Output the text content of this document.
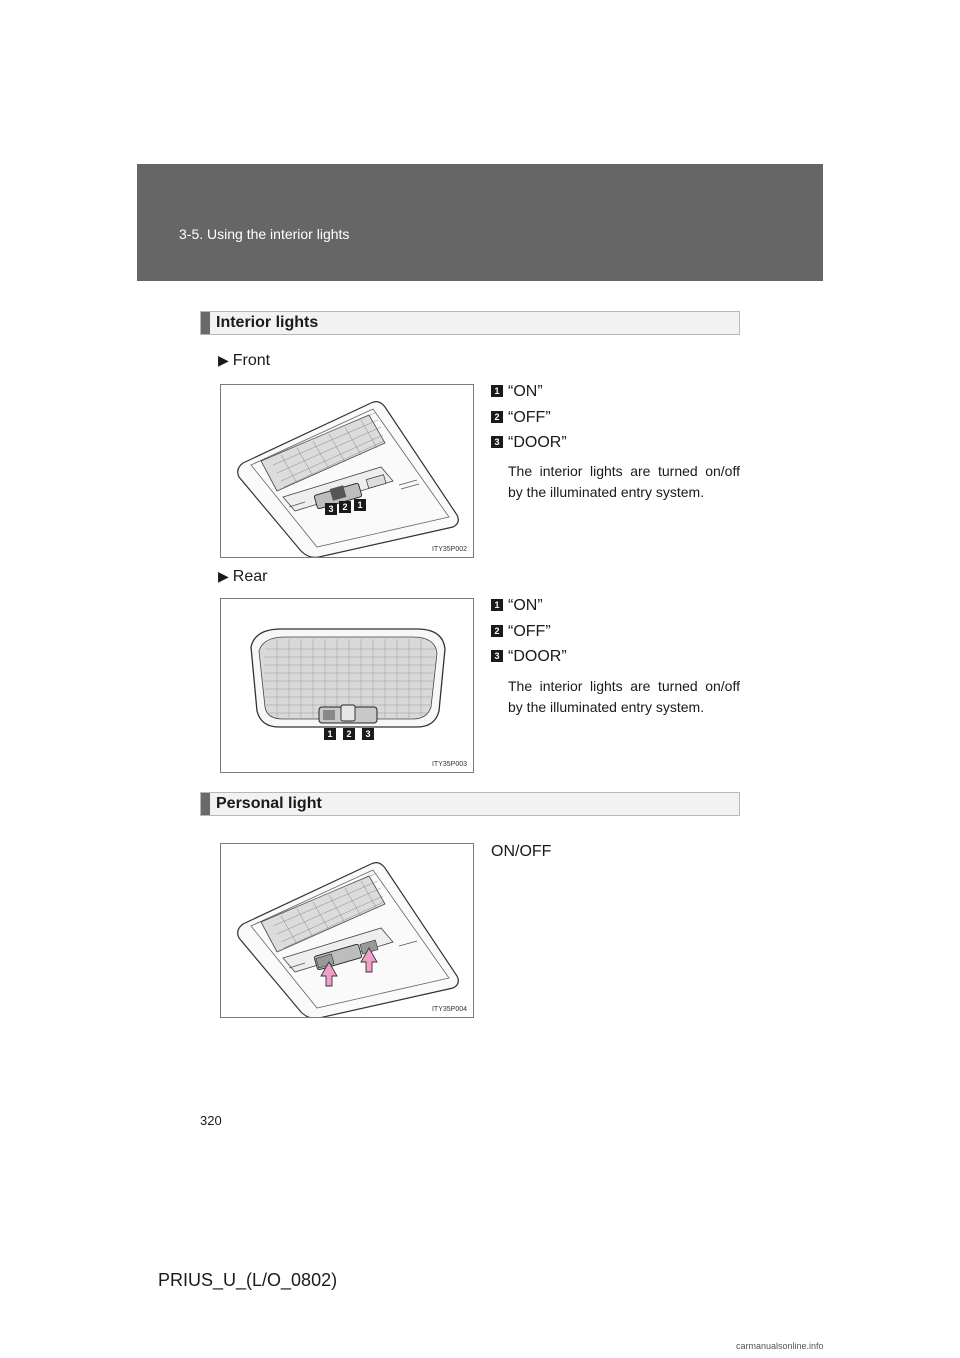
3-5. Using the interior lights
Interior lights
▶ Front
3 2	1
ITY35P002
1 “ON”
2 “OFF”
3 “DOOR”
The interior lights are turned on/off by the illuminated entry system.
▶ Rear
1	2	3
ITY35P003
1 “ON”
2 “OFF”
3 “DOOR”
The interior lights are turned on/off by the illuminated entry system.
Personal light
ITY35P004
ON/OFF
320
PRIUS_U_(L/O_0802)
carmanualsonline.info
